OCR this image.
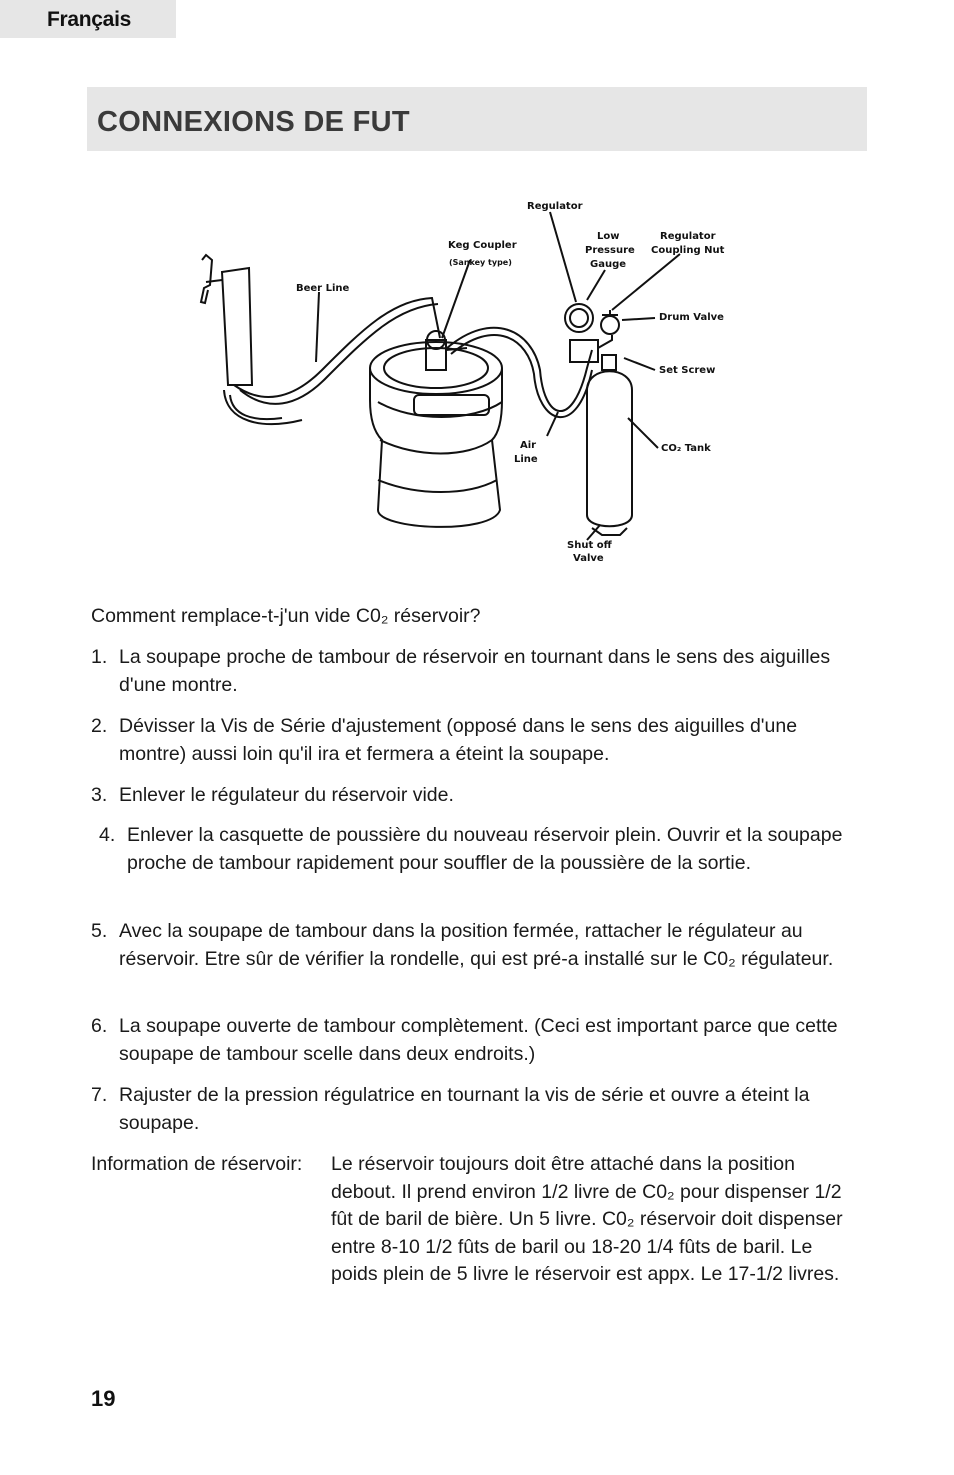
Français
CONNEXIONS DE FUT
Regulator
Keg Coupler
(Sankey type)
Low
Pressure
Gauge
Regulator
Coupling Nut
Beer Line
Drum Valve
Set Screw
CO₂ Tank
Air
Line
Shut off
Valve
Comment remplace-t-j'un vide C0₂ réservoir?
1. La soupape proche de tambour de réservoir en tournant dans le sens des aiguilles d'une montre.
2. Dévisser la Vis de Série d'ajustement (opposé dans le sens des aiguilles d'une montre) aussi loin qu'il ira et fermera a éteint la soupape.
3. Enlever le régulateur du réservoir vide.
4. Enlever la casquette de poussière du nouveau réservoir plein. Ouvrir et la soupape proche de tambour rapidement pour souffler de la poussière de la sortie.
5. Avec la soupape de tambour dans la position fermée, rattacher le régulateur au réservoir. Etre sûr de vérifier la rondelle, qui est pré-a installé sur le C0₂ régulateur.
6. La soupape ouverte de tambour complètement. (Ceci est important parce que cette soupape de tambour scelle dans deux endroits.)
7. Rajuster de la pression régulatrice en tournant la vis de série et ouvre a éteint la soupape.
Information de réservoir: Le réservoir toujours doit être attaché dans la position debout. Il prend environ 1/2 livre de C0₂ pour dispenser 1/2 fût de baril de bière. Un 5 livre. C0₂ réservoir doit dispenser entre 8-10 1/2 fûts de baril ou 18-20 1/4 fûts de baril. Le poids plein de 5 livre le réservoir est appx. Le 17-1/2 livres.
19
